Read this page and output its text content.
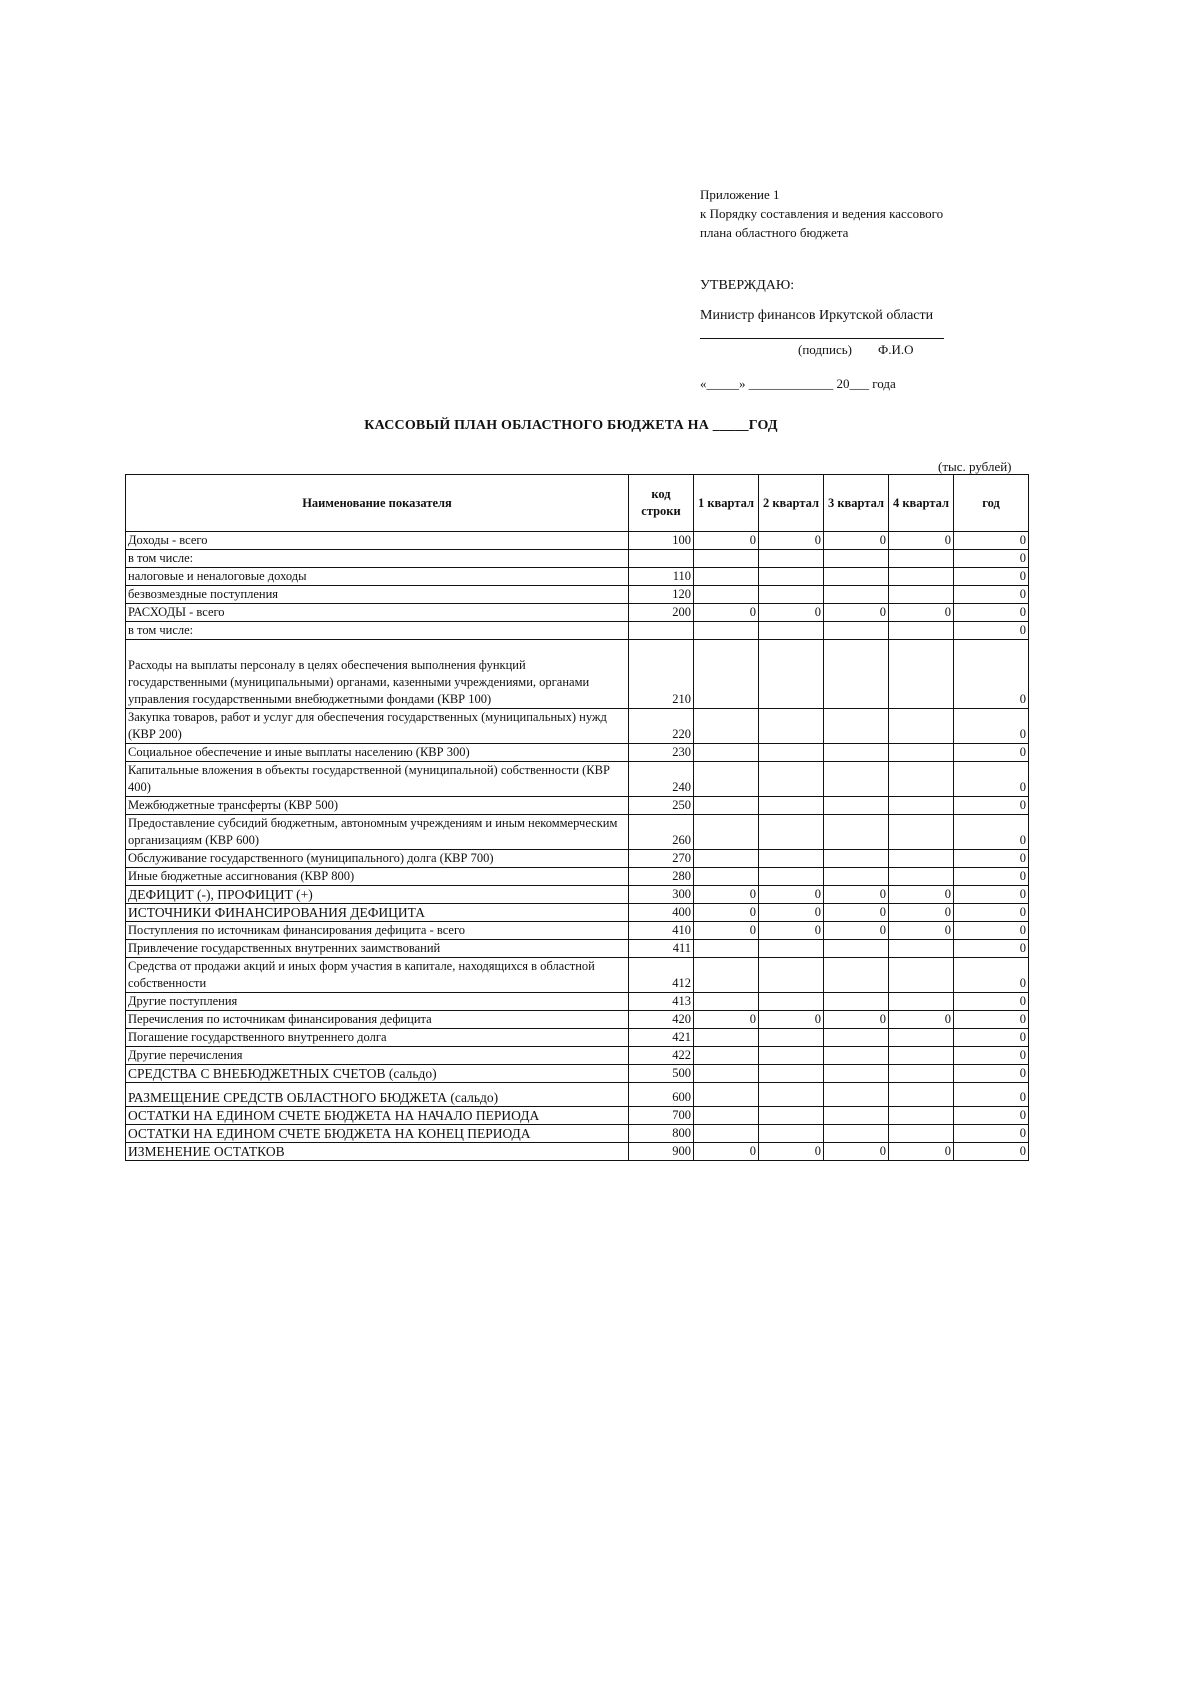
Приложение 1
к Порядку составления и ведения кассового
плана областного бюджета
УТВЕРЖДАЮ:
Министр финансов Иркутской области
(подпись) Ф.И.О
«_____» _____________ 20___ года
КАССОВЫЙ ПЛАН ОБЛАСТНОГО БЮДЖЕТА НА _____ГОД
(тыс. рублей)
Наименование показателя	код строки	1 квартал	2 квартал	3 квартал	4 квартал	год
Доходы - всего	100	0	0	0	0	0
в том числе:						0
налоговые и неналоговые доходы	110					0
безвозмездные поступления	120					0
РАСХОДЫ - всего	200	0	0	0	0	0
в том числе:						0
Расходы на выплаты персоналу в целях обеспечения выполнения функций государственными (муниципальными) органами, казенными учреждениями, органами управления государственными внебюджетными фондами (КВР 100)	210					0
Закупка товаров, работ и услуг для обеспечения государственных (муниципальных) нужд (КВР 200)	220					0
Социальное обеспечение и иные выплаты населению (КВР 300)	230					0
Капитальные вложения в объекты государственной (муниципальной) собственности (КВР 400)	240					0
Межбюджетные трансферты (КВР 500)	250					0
Предоставление субсидий бюджетным, автономным учреждениям и иным некоммерческим организациям (КВР 600)	260					0
Обслуживание государственного (муниципального) долга (КВР 700)	270					0
Иные бюджетные ассигнования (КВР 800)	280					0
ДЕФИЦИТ (-), ПРОФИЦИТ (+)	300	0	0	0	0	0
ИСТОЧНИКИ ФИНАНСИРОВАНИЯ ДЕФИЦИТА	400	0	0	0	0	0
Поступления по источникам финансирования дефицита - всего	410	0	0	0	0	0
Привлечение государственных внутренних заимствований	411					0
Средства от продажи акций и иных форм участия в капитале, находящихся в областной собственности	412					0
Другие поступления	413					0
Перечисления по источникам финансирования дефицита	420	0	0	0	0	0
Погашение государственного внутреннего долга	421					0
Другие перечисления	422					0
СРЕДСТВА С ВНЕБЮДЖЕТНЫХ СЧЕТОВ (сальдо)	500					0
РАЗМЕЩЕНИЕ СРЕДСТВ ОБЛАСТНОГО БЮДЖЕТА (сальдо)	600					0
ОСТАТКИ НА ЕДИНОМ СЧЕТЕ БЮДЖЕТА НА НАЧАЛО ПЕРИОДА	700					0
ОСТАТКИ НА ЕДИНОМ СЧЕТЕ БЮДЖЕТА НА КОНЕЦ ПЕРИОДА	800					0
ИЗМЕНЕНИЕ ОСТАТКОВ	900	0	0	0	0	0
